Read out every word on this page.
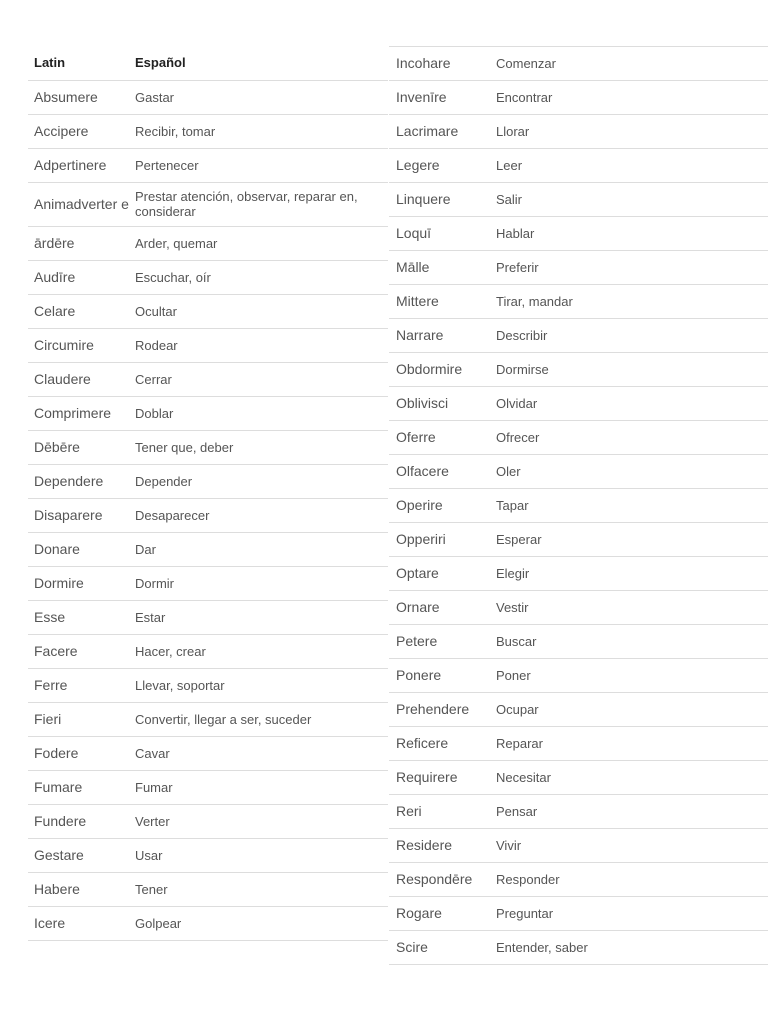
Latin	Español
Absumere	Gastar
Accipere	Recibir, tomar
Adpertinere	Pertenecer
Animadverter e	Prestar atención, observar, reparar en, considerar
ārdēre	Arder, quemar
Audīre	Escuchar, oír
Celare	Ocultar
Circumire	Rodear
Claudere	Cerrar
Comprimere	Doblar
Dēbēre	Tener que, deber
Dependere	Depender
Disaparere	Desaparecer
Donare	Dar
Dormire	Dormir
Esse	Estar
Facere	Hacer, crear
Ferre	Llevar, soportar
Fieri	Convertir, llegar a ser, suceder
Fodere	Cavar
Fumare	Fumar
Fundere	Verter
Gestare	Usar
Habere	Tener
Icere	Golpear
Incohare	Comenzar
Invenīre	Encontrar
Lacrimare	Llorar
Legere	Leer
Linquere	Salir
Loquī	Hablar
Mālle	Preferir
Mittere	Tirar, mandar
Narrare	Describir
Obdormire	Dormirse
Oblivisci	Olvidar
Oferre	Ofrecer
Olfacere	Oler
Operire	Tapar
Opperiri	Esperar
Optare	Elegir
Ornare	Vestir
Petere	Buscar
Ponere	Poner
Prehendere	Ocupar
Reficere	Reparar
Requirere	Necesitar
Reri	Pensar
Residere	Vivir
Respondēre	Responder
Rogare	Preguntar
Scire	Entender, saber
